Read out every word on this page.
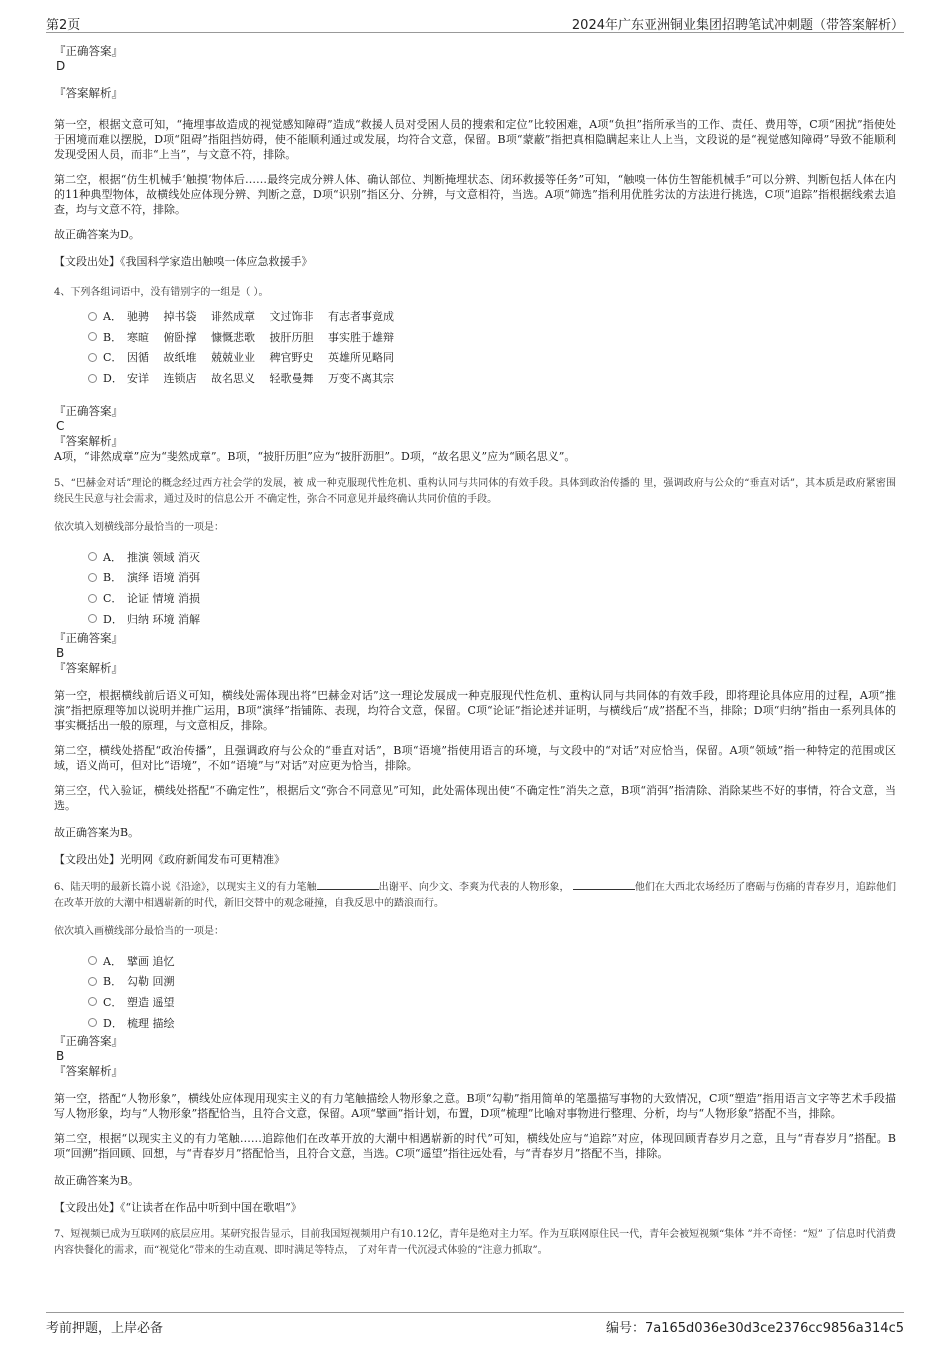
第2页	2024年广东亚洲铜业集团招聘笔试冲刺题（带答案解析）

『正确答案』

D

『答案解析』

第一空，根据文意可知，“掩埋事故造成的视觉感知障碍”造成“救援人员对受困人员的搜索和定位”比较困难，A项“负担”指所承当的工作、责任、费用等，C项“困扰”指使处于困境而难以摆脱，D项“阻碍”指阻挡妨碍，使不能顺利通过或发展，均符合文意，保留。B项“蒙蔽”指把真相隐瞒起来让人上当，文段说的是“视觉感知障碍”导致不能顺利发现受困人员，而非“上当”，与文意不符，排除。

第二空，根据“仿生机械手‘触摸’物体后……最终完成分辨人体、确认部位、判断掩埋状态、闭环救援等任务”可知，“触嗅一体仿生智能机械手”可以分辨、判断包括人体在内的11种典型物体，故横线处应体现分辨、判断之意，D项“识别”指区分、分辨，与文意相符，当选。A项“筛选”指利用优胜劣汰的方法进行挑选，C项“追踪”指根据线索去追查，均与文意不符，排除。

故正确答案为D。

【文段出处】《我国科学家造出触嗅一体应急救援手》

4、下列各组词语中，没有错别字的一组是（ ）。

A． 驰骋　 掉书袋　 诽然成章　 文过饰非　 有志者事竟成
B． 寒暄　 俯卧撑　 慷慨悲歌　 披肝历胆　 事实胜于雄辩
C． 因循　 故纸堆　 兢兢业业　 稗官野史　 英雄所见略同
D． 安详　 连锁店　 故名思义　 轻歌曼舞　 万变不离其宗

『正确答案』

C

『答案解析』

A项，“诽然成章”应为“斐然成章”。B项，“披肝历胆”应为“披肝沥胆”。D项，“故名思义”应为“顾名思义”。

5、“巴赫金对话”理论的概念经过西方社会学的发展，被 成一种克服现代性危机、重构认同与共同体的有效手段。具体到政治传播的 里，强调政府与公众的“垂直对话”，其本质是政府紧密围绕民生民意与社会需求，通过及时的信息公开 不确定性，弥合不同意见并最终确认共同价值的手段。

依次填入划横线部分最恰当的一项是：

A． 推演 领域 消灭
B． 演绎 语境 消弭
C． 论证 情境 消损
D． 归纳 环境 消解

『正确答案』

B

『答案解析』

第一空，根据横线前后语义可知，横线处需体现出将“巴赫金对话”这一理论发展成一种克服现代性危机、重构认同与共同体的有效手段，即将理论具体应用的过程，A项“推演”指把原理等加以说明并推广运用，B项“演绎”指铺陈、表现，均符合文意，保留。C项“论证”指论述并证明，与横线后“成”搭配不当，排除；D项“归纳”指由一系列具体的事实概括出一般的原理，与文意相反，排除。

第二空，横线处搭配“政治传播”，且强调政府与公众的“垂直对话”，B项“语境”指使用语言的环境，与文段中的“对话”对应恰当，保留。A项“领域”指一种特定的范围或区域，语义尚可，但对比“语境”，不如“语境”与“对话”对应更为恰当，排除。

第三空，代入验证，横线处搭配“不确定性”，根据后文“弥合不同意见”可知，此处需体现出使“不确定性”消失之意，B项“消弭”指清除、消除某些不好的事情，符合文意，当选。

故正确答案为B。

【文段出处】光明网《政府新闻发布可更精准》

6、陆天明的最新长篇小说《沿途》，以现实主义的有力笔触	出谢平、向少文、李爽为代表的人物形象，	他们在大西北农场经历了磨砺与伤痛的青春岁月，追踪他们在改革开放的大潮中相遇崭新的时代，新旧交替中的观念碰撞，自我反思中的踏浪而行。

依次填入画横线部分最恰当的一项是：

A． 擘画 追忆
B． 勾勒 回溯
C． 塑造 遥望
D． 梳理 描绘

『正确答案』

B

『答案解析』

第一空，搭配“人物形象”，横线处应体现用现实主义的有力笔触描绘人物形象之意。B项“勾勒”指用简单的笔墨描写事物的大致情况，C项“塑造”指用语言文字等艺术手段描写人物形象，均与“人物形象”搭配恰当，且符合文意，保留。A项“擘画”指计划，布置，D项“梳理”比喻对事物进行整理、分析，均与“人物形象”搭配不当，排除。

第二空，根据“以现实主义的有力笔触……追踪他们在改革开放的大潮中相遇崭新的时代”可知，横线处应与“追踪”对应，体现回顾青春岁月之意，且与“青春岁月”搭配。B项“回溯”指回顾、回想，与“青春岁月”搭配恰当，且符合文意，当选。C项“遥望”指往远处看，与“青春岁月”搭配不当，排除。

故正确答案为B。

【文段出处】《“让读者在作品中听到中国在歌唱”》

7、短视频已成为互联网的底层应用。某研究报告显示，目前我国短视频用户有10.12亿，青年是绝对主力军。作为互联网原住民一代，青年会被短视频“集体 ”并不奇怪：“短” 了信息时代消费内容快餐化的需求，而“视觉化”带来的生动直观、即时满足等特点， 了对年青一代沉浸式体验的“注意力抓取”。

考前押题，上岸必备	编号：7a165d036e30d3ce2376cc9856a314c5
